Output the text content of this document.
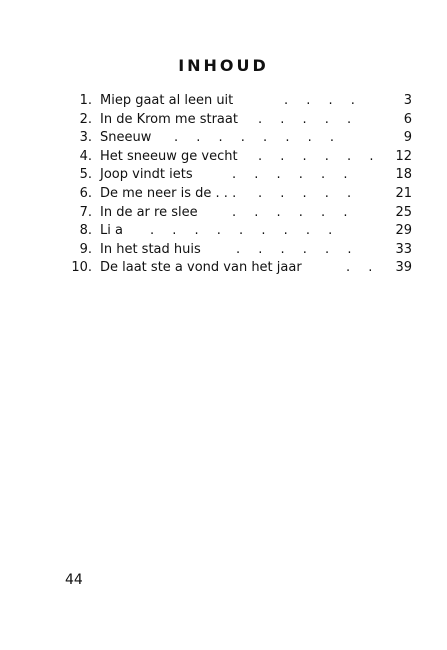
INHOUD
1. Miep gaat al leen uit	. . . .	3
2. In de Krom me straat . . . . .	6
3. Sneeuw . . . . . . . .	9
4. Het sneeuw ge vecht . . . . . .	12
5. Joop vindt iets	. . . . . .	18
6. De me neer is de . . . . . . . .	21
7. In de ar re slee	. . . . . .	25
8. Li a . . . . . . . . .	29
9. In het stad huis	. . . . . .	33
10. De laat ste a vond van het jaar	. .	39
44
